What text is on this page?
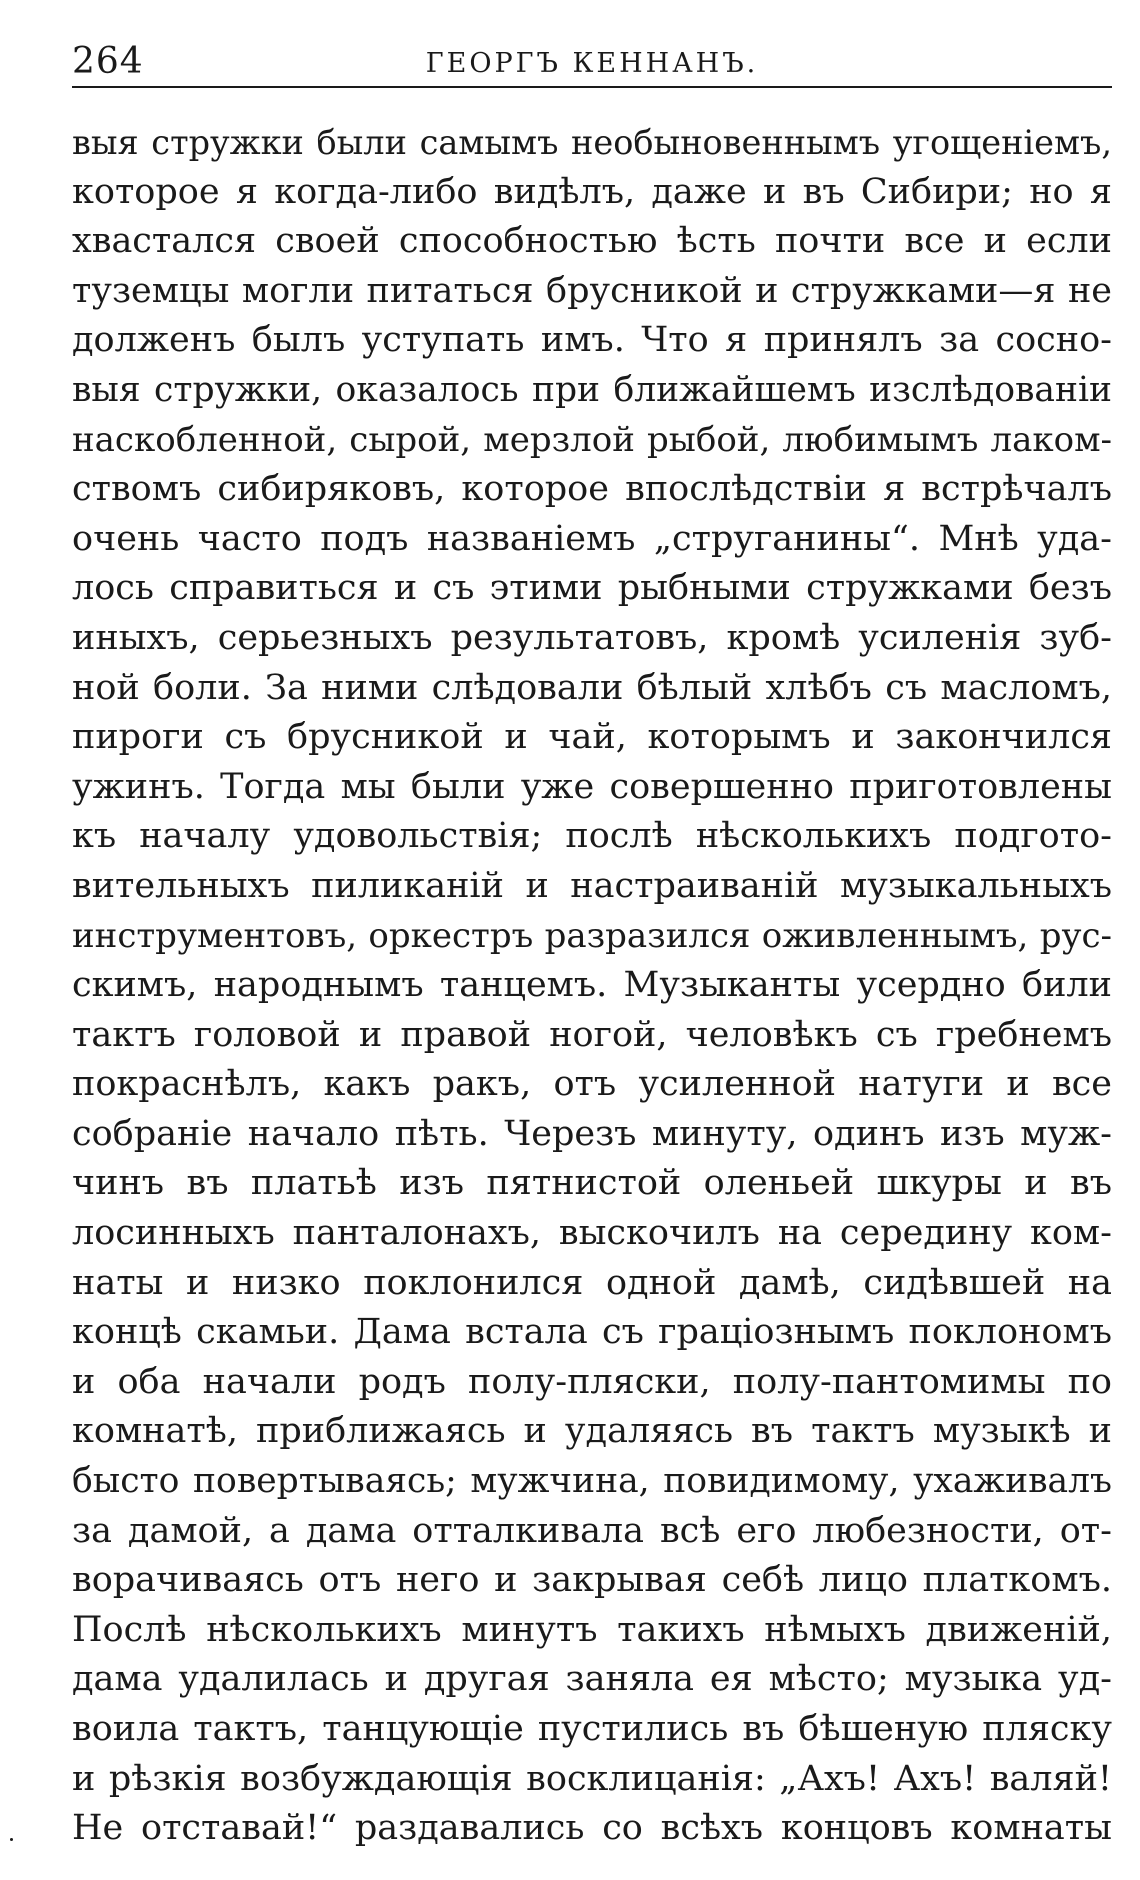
264	ГЕОРГЪ КЕННАНЪ.
выя стружки были самымъ необыновеннымъ угощеніемъ,
которое я когда-либо видѣлъ, даже и въ Сибири; но я
хвастался своей способностью ѣсть почти все и если
туземцы могли питаться брусникой и стружками—я не
долженъ былъ уступать имъ. Что я принялъ за сосно-
выя стружки, оказалось при ближайшемъ изслѣдованіи
наскобленной, сырой, мерзлой рыбой, любимымъ лаком-
ствомъ сибиряковъ, которое впослѣдствіи я встрѣчалъ
очень часто подъ названіемъ „струганины“. Мнѣ уда-
лось справиться и съ этими рыбными стружками безъ
иныхъ, серьезныхъ результатовъ, кромѣ усиленія зуб-
ной боли. За ними слѣдовали бѣлый хлѣбъ съ масломъ,
пироги съ брусникой и чай, которымъ и закончился
ужинъ. Тогда мы были уже совершенно приготовлены
къ началу удовольствія; послѣ нѣсколькихъ подгото-
вительныхъ пиликаній и настраиваній музыкальныхъ
инструментовъ, оркестръ разразился оживленнымъ, рус-
скимъ, народнымъ танцемъ. Музыканты усердно били
тактъ головой и правой ногой, человѣкъ съ гребнемъ
покраснѣлъ, какъ ракъ, отъ усиленной натуги и все
собраніе начало пѣть. Черезъ минуту, одинъ изъ муж-
чинъ въ платьѣ изъ пятнистой оленьей шкуры и въ
лосинныхъ панталонахъ, выскочилъ на середину ком-
наты и низко поклонился одной дамѣ, сидѣвшей на
концѣ скамьи. Дама встала съ граціознымъ поклономъ
и оба начали родъ полу-пляски, полу-пантомимы по
комнатѣ, приближаясь и удаляясь въ тактъ музыкѣ и
бысто повертываясь; мужчина, повидимому, ухаживалъ
за дамой, а дама отталкивала всѣ его любезности, от-
ворачиваясь отъ него и закрывая себѣ лицо платкомъ.
Послѣ нѣсколькихъ минутъ такихъ нѣмыхъ движеній,
дама удалилась и другая заняла ея мѣсто; музыка уд-
воила тактъ, танцующіе пустились въ бѣшеную пляску
и рѣзкія возбуждающія восклицанія: „Ахъ! Ахъ! валяй!
Не отставай!“ раздавались со всѣхъ концовъ комнаты
